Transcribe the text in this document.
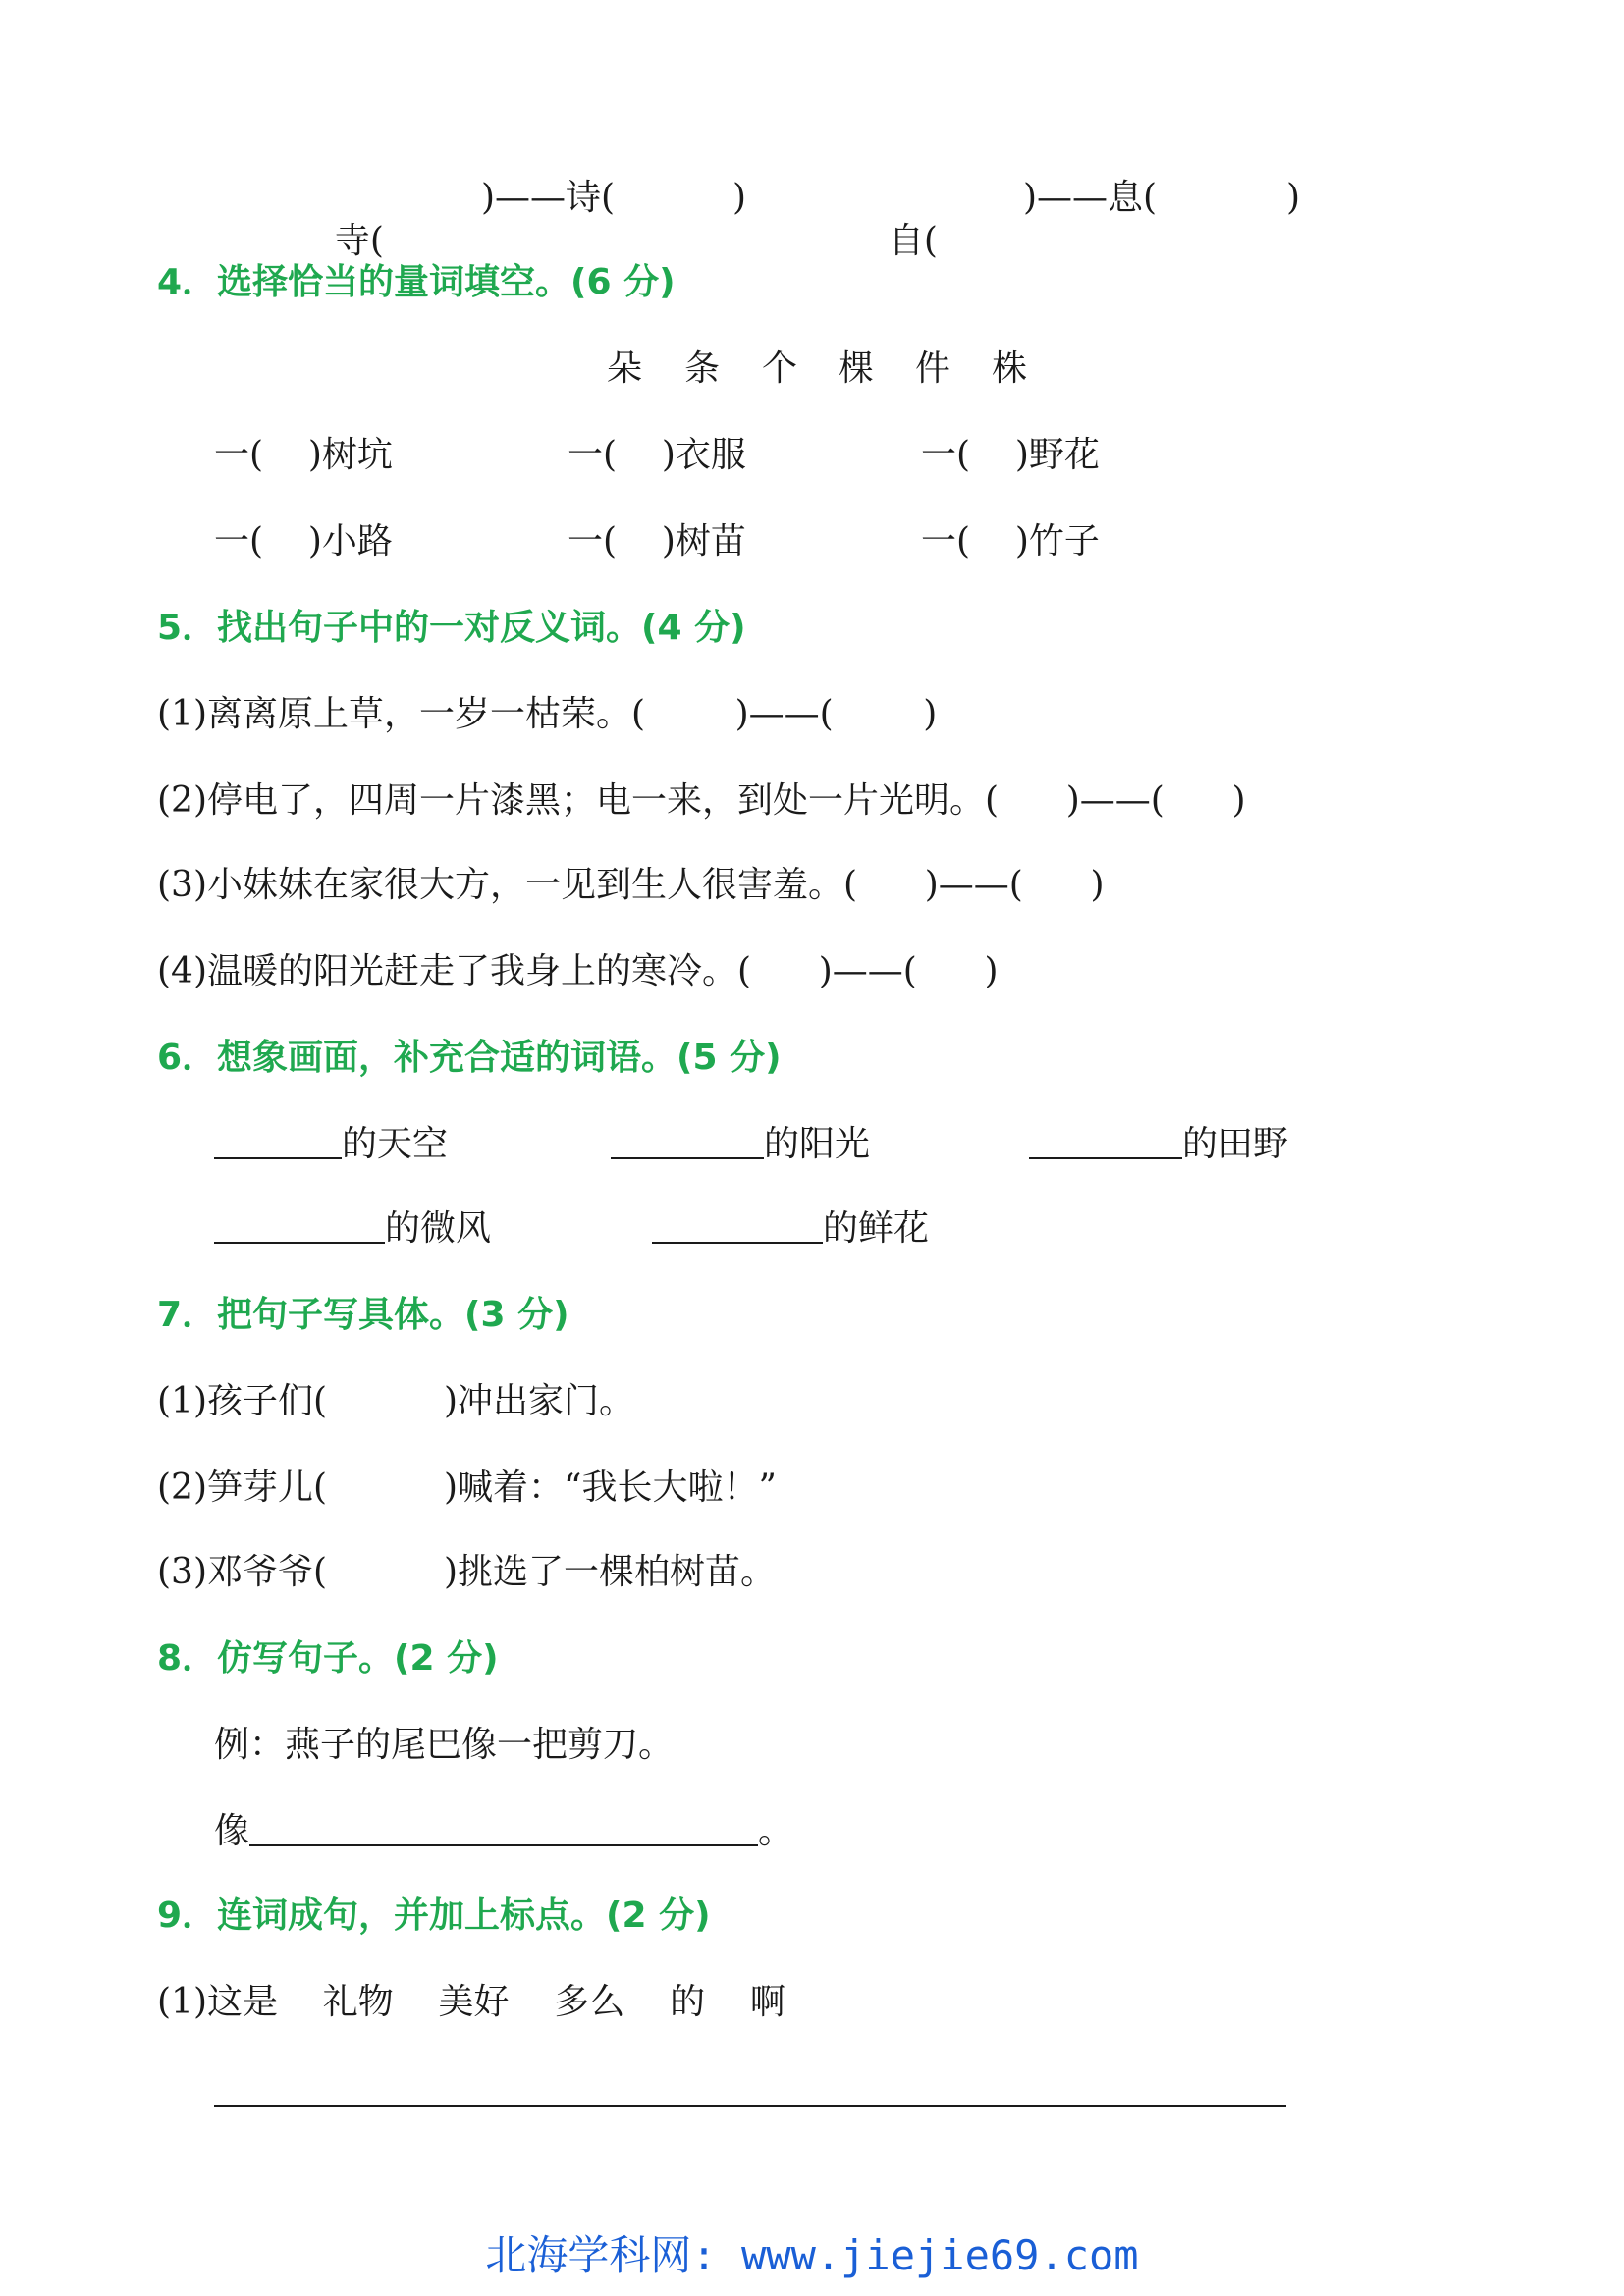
寺(
)——诗(	)

自(
)——息(	)

4．选择恰当的量词填空。(6 分)
朵 条 个 棵 件 株
一(    )树坑	一(    )衣服	一(    )野花
一(    )小路	一(    )树苗	一(    )竹子
5．找出句子中的一对反义词。(4 分)
(1)离离原上草，一岁一枯荣。(        )——(        )
(2)停电了，四周一片漆黑；电一来，到处一片光明。(      )——(      )
(3)小妹妹在家很大方，一见到生人很害羞。(      )——(      )
(4)温暖的阳光赶走了我身上的寒冷。(      )——(      )
6．想象画面，补充合适的词语。(5 分)
的天空	的阳光	的田野
的微风	的鲜花
7．把句子写具体。(3 分)
(1)孩子们(	)冲出家门。
(2)笋芽儿(	)喊着：“我长大啦！”
(3)邓爷爷(	)挑选了一棵柏树苗。
8．仿写句子。(2 分)
例：燕子的尾巴像一把剪刀。
像	。
9．连词成句，并加上标点。(2 分)
(1)这是    礼物    美好    多么    的    啊
北海学科网: www.jiejie69.com
